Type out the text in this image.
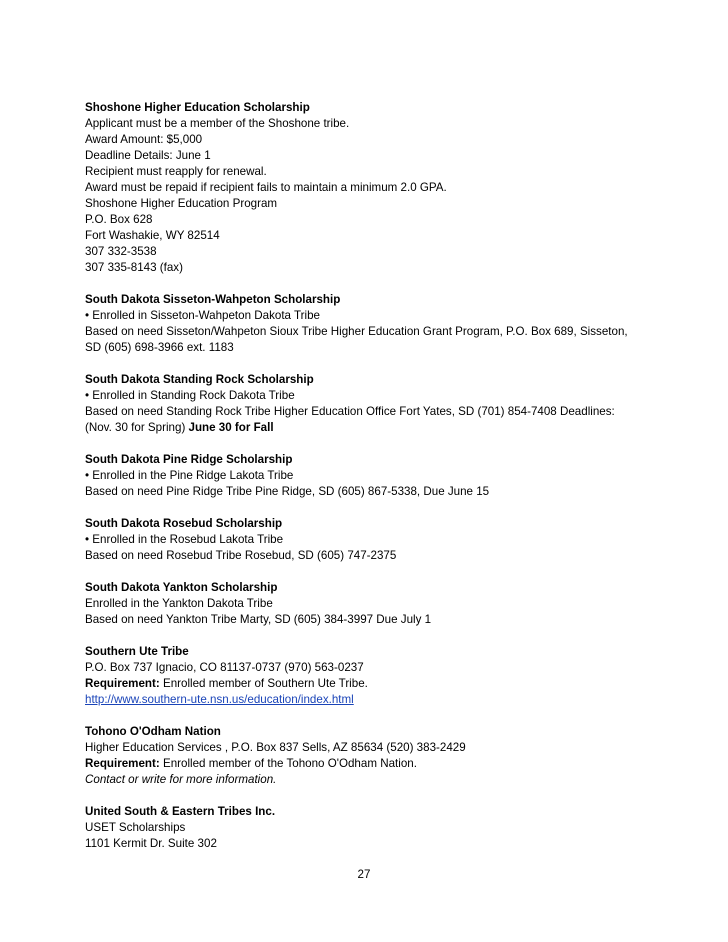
Shoshone Higher Education Scholarship
Applicant must be a member of the Shoshone tribe.
Award Amount: $5,000
Deadline Details: June 1
Recipient must reapply for renewal.
Award must be repaid if recipient fails to maintain a minimum 2.0 GPA.
Shoshone Higher Education Program
P.O. Box 628
Fort Washakie, WY 82514
307 332-3538
307 335-8143 (fax)
South Dakota Sisseton-Wahpeton Scholarship
• Enrolled in Sisseton-Wahpeton Dakota Tribe
Based on need Sisseton/Wahpeton Sioux Tribe Higher Education Grant Program, P.O. Box 689, Sisseton,
SD (605) 698-3966 ext. 1183
South Dakota Standing Rock Scholarship
• Enrolled in Standing Rock Dakota Tribe
Based on need Standing Rock Tribe Higher Education Office Fort Yates, SD (701) 854-7408 Deadlines:
(Nov. 30 for Spring) June 30 for Fall
South Dakota Pine Ridge Scholarship
• Enrolled in the Pine Ridge Lakota Tribe
Based on need Pine Ridge Tribe Pine Ridge, SD (605) 867-5338, Due June 15
South Dakota Rosebud Scholarship
• Enrolled in the Rosebud Lakota Tribe
Based on need Rosebud Tribe Rosebud, SD (605) 747-2375
South Dakota Yankton Scholarship
Enrolled in the Yankton Dakota Tribe
Based on need Yankton Tribe Marty, SD (605) 384-3997 Due July 1
Southern Ute Tribe
P.O. Box 737 Ignacio, CO 81137-0737 (970) 563-0237
Requirement: Enrolled member of Southern Ute Tribe.
http://www.southern-ute.nsn.us/education/index.html
Tohono O'Odham Nation
Higher Education Services , P.O. Box 837 Sells, AZ 85634 (520) 383-2429
Requirement: Enrolled member of the Tohono O'Odham Nation.
Contact or write for more information.
United South & Eastern Tribes Inc.
USET Scholarships
1101 Kermit Dr. Suite 302
27
